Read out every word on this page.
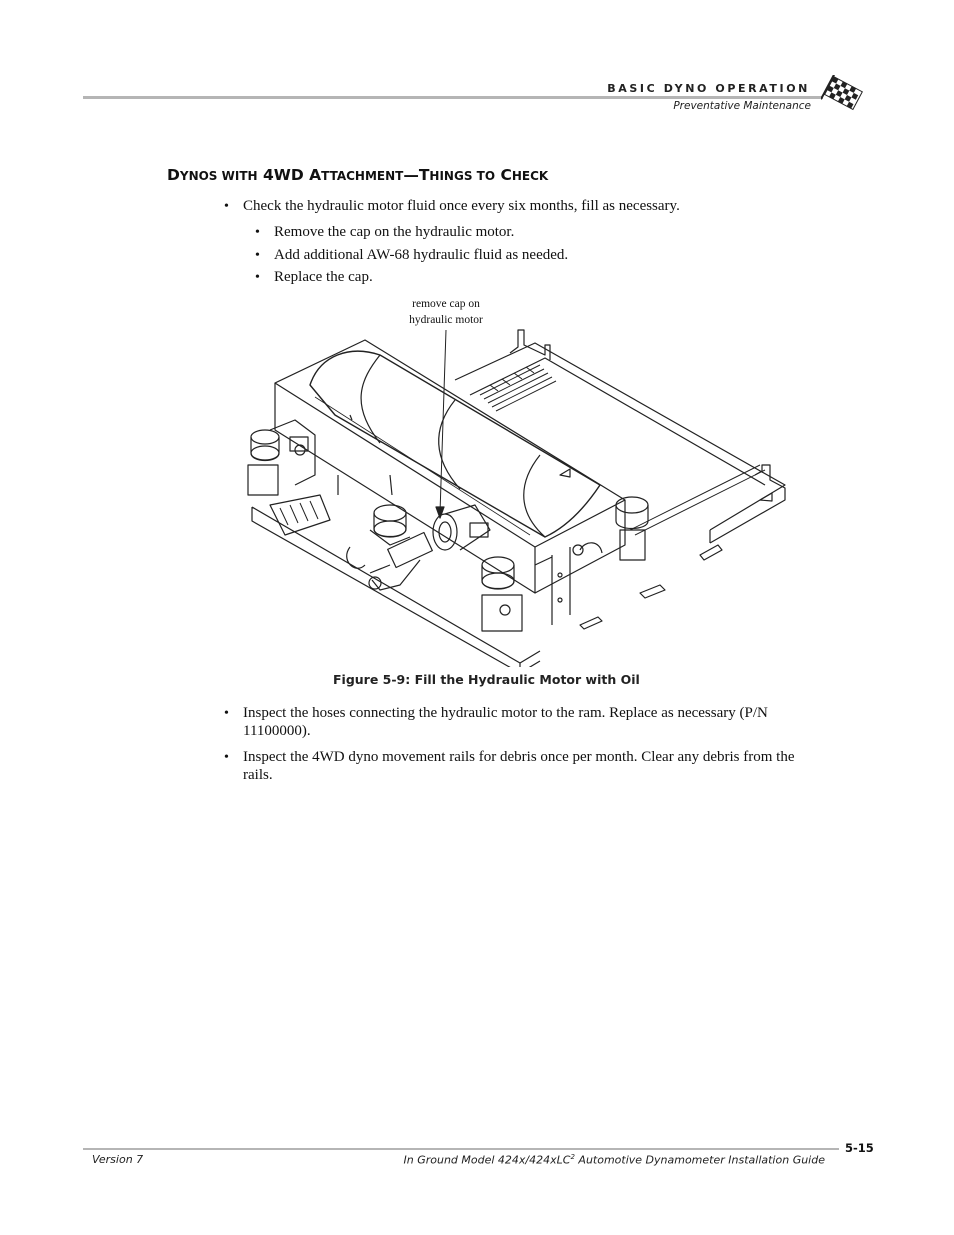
BASIC DYNO OPERATION
Preventative Maintenance
DYNOS WITH 4WD ATTACHMENT—THINGS TO CHECK
• Check the hydraulic motor fluid once every six months, fill as necessary.
• Remove the cap on the hydraulic motor.
• Add additional AW-68 hydraulic fluid as needed.
• Replace the cap.
remove cap on
hydraulic motor
Figure 5-9: Fill the Hydraulic Motor with Oil
• Inspect the hoses connecting the hydraulic motor to the ram. Replace as necessary (P/N 11100000).
• Inspect the 4WD dyno movement rails for debris once per month. Clear any debris from the rails.
5-15
Version 7	In Ground Model 424x/424xLC$^2$ Automotive Dynamometer Installation Guide
